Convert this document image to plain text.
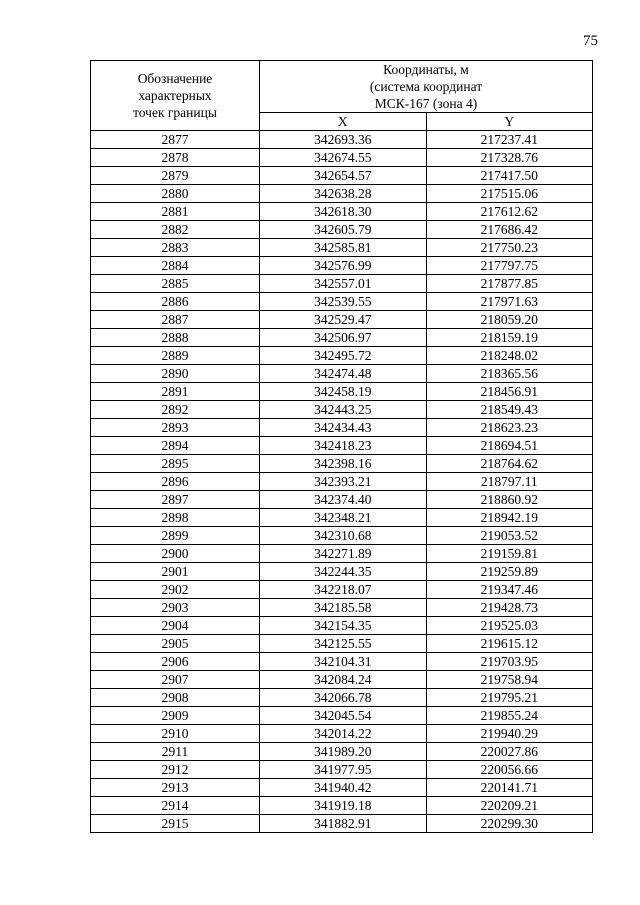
75
Обозначение
характерных
точек границы	Координаты, м
(система координат
МСК-167 (зона 4)	

	X	Y
2877	342693.36	217237.41
2878	342674.55	217328.76
2879	342654.57	217417.50
2880	342638.28	217515.06
2881	342618.30	217612.62
2882	342605.79	217686.42
2883	342585.81	217750.23
2884	342576.99	217797.75
2885	342557.01	217877.85
2886	342539.55	217971.63
2887	342529.47	218059.20
2888	342506.97	218159.19
2889	342495.72	218248.02
2890	342474.48	218365.56
2891	342458.19	218456.91
2892	342443.25	218549.43
2893	342434.43	218623.23
2894	342418.23	218694.51
2895	342398.16	218764.62
2896	342393.21	218797.11
2897	342374.40	218860.92
2898	342348.21	218942.19
2899	342310.68	219053.52
2900	342271.89	219159.81
2901	342244.35	219259.89
2902	342218.07	219347.46
2903	342185.58	219428.73
2904	342154.35	219525.03
2905	342125.55	219615.12
2906	342104.31	219703.95
2907	342084.24	219758.94
2908	342066.78	219795.21
2909	342045.54	219855.24
2910	342014.22	219940.29
2911	341989.20	220027.86
2912	341977.95	220056.66
2913	341940.42	220141.71
2914	341919.18	220209.21
2915	341882.91	220299.30
